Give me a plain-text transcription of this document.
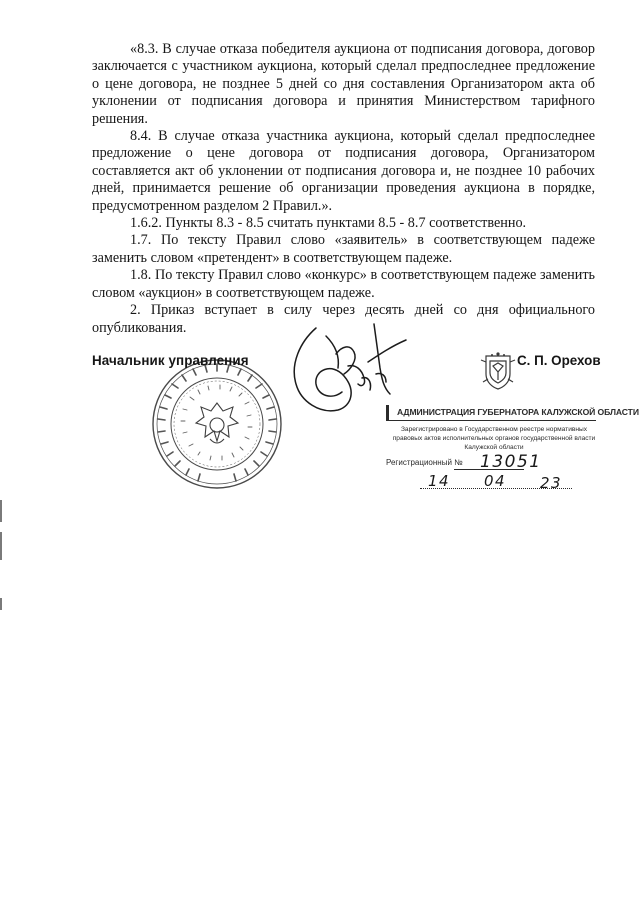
«8.3. В случае отказа победителя аукциона от подписания договора, договор заключается с участником аукциона, который сделал предпоследнее предложение о цене договора, не позднее 5 дней со дня составления Организатором акта об уклонении от подписания договора и принятия Министерством тарифного решения.

8.4. В случае отказа участника аукциона, который сделал предпоследнее предложение о цене договора от подписания договора, Организатором составляется акт об уклонении от подписания договора и, не позднее 10 рабочих дней, принимается решение об организации проведения аукциона в порядке, предусмотренном разделом 2 Правил.».

1.6.2. Пункты 8.3 - 8.5 считать пунктами 8.5 - 8.7 соответственно.

1.7. По тексту Правил слово «заявитель» в соответствующем падеже заменить словом «претендент» в соответствующем падеже.

1.8. По тексту Правил слово «конкурс» в соответствующем падеже заменить словом «аукцион» в соответствующем падеже.

2. Приказ вступает в силу через десять дней со дня официального опубликования.

Начальник управления	С. П. Орехов
АДМИНИСТРАЦИЯ ГУБЕРНАТОРА КАЛУЖСКОЙ ОБЛАСТИ
Зарегистрировано в Государственном реестре нормативных
правовых актов исполнительных органов государственной власти
Калужской области
Регистрационный №	13051
14 04 23
